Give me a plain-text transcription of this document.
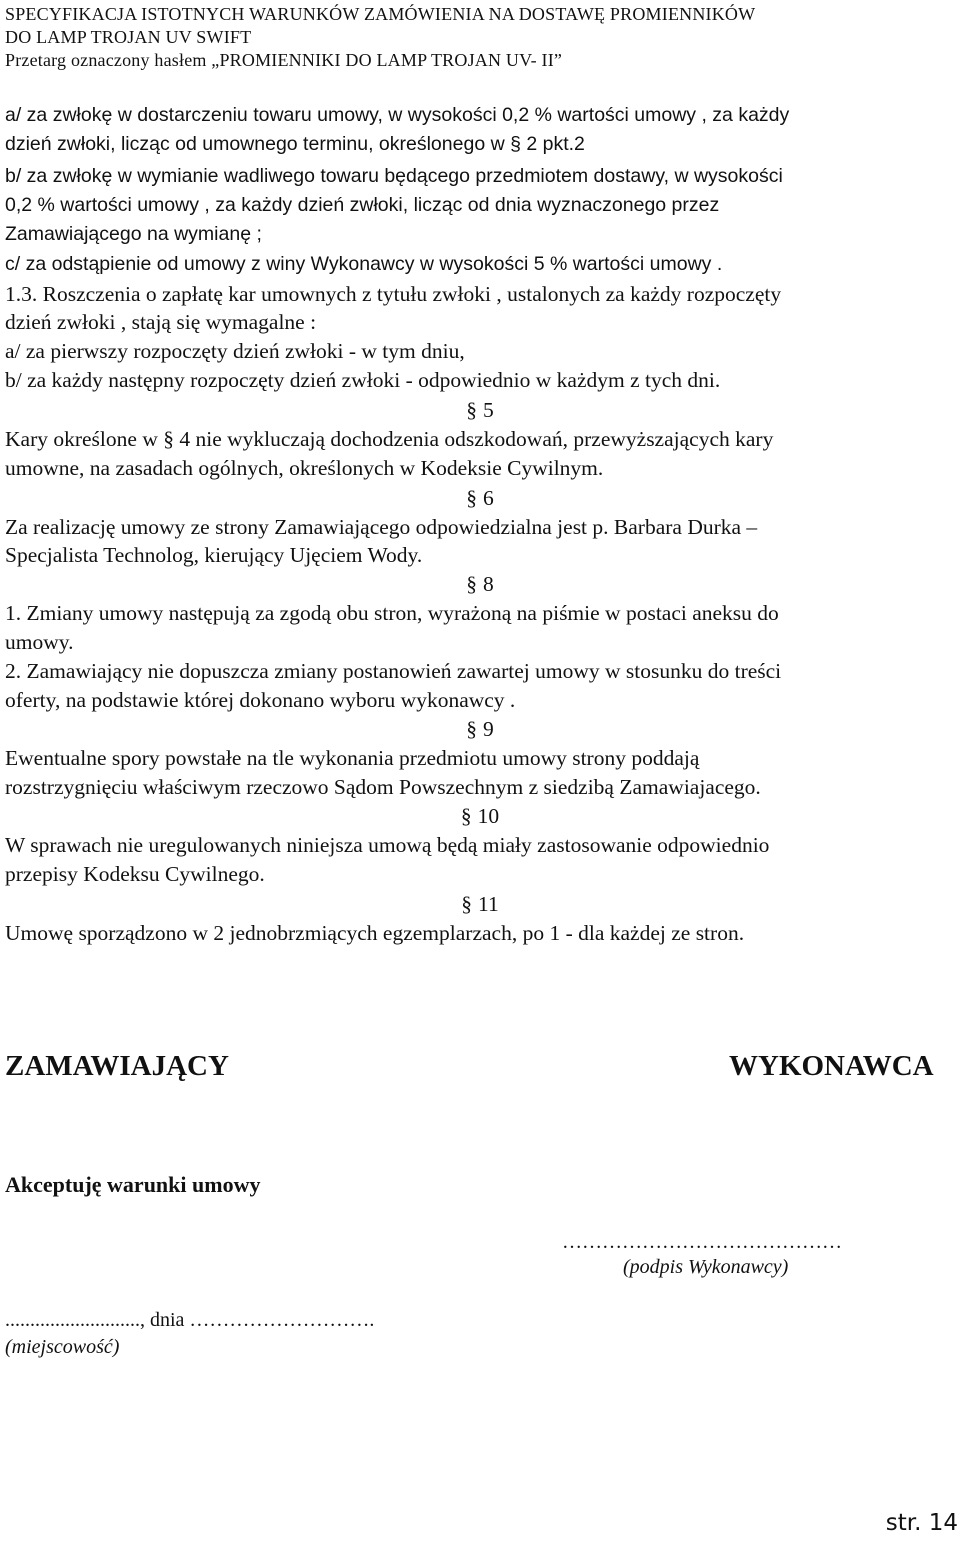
SPECYFIKACJA ISTOTNYCH WARUNKÓW ZAMÓWIENIA NA DOSTAWĘ PROMIENNIKÓW
DO LAMP TROJAN UV SWIFT
Przetarg oznaczony hasłem „PROMIENNIKI DO LAMP TROJAN UV- II”
a/ za zwłokę w dostarczeniu towaru umowy, w wysokości 0,2 % wartości umowy , za każdy
dzień zwłoki, licząc od umownego terminu, określonego w § 2 pkt.2
b/ za zwłokę w wymianie wadliwego towaru będącego przedmiotem dostawy, w wysokości
0,2 % wartości umowy , za każdy dzień zwłoki, licząc od dnia wyznaczonego przez
Zamawiającego na wymianę ;
c/ za odstąpienie od umowy z winy Wykonawcy w wysokości 5 % wartości umowy .
1.3. Roszczenia o zapłatę kar umownych z tytułu zwłoki , ustalonych za każdy rozpoczęty
dzień zwłoki , stają się wymagalne :
a/ za pierwszy rozpoczęty dzień zwłoki - w tym dniu,
b/ za każdy następny rozpoczęty dzień zwłoki - odpowiednio w każdym z tych dni.
§ 5
Kary określone w § 4 nie wykluczają dochodzenia odszkodowań, przewyższających kary
umowne, na zasadach ogólnych, określonych w Kodeksie Cywilnym.
§ 6
Za realizację umowy ze strony Zamawiającego odpowiedzialna jest p. Barbara Durka –
Specjalista Technolog, kierujący Ujęciem Wody.
§ 8
1. Zmiany umowy następują za zgodą obu stron, wyrażoną na piśmie w postaci aneksu do
umowy.
2. Zamawiający nie dopuszcza zmiany postanowień zawartej umowy w stosunku do treści
oferty, na podstawie której dokonano wyboru wykonawcy .
§ 9
Ewentualne spory powstałe na tle wykonania przedmiotu umowy strony poddają
rozstrzygnięciu właściwym rzeczowo Sądom Powszechnym z siedzibą Zamawiajacego.
§ 10
W sprawach nie uregulowanych niniejsza umową będą miały zastosowanie odpowiednio
przepisy Kodeksu Cywilnego.
§ 11
Umowę sporządzono w 2 jednobrzmiących egzemplarzach, po 1 - dla każdej ze stron.
ZAMAWIAJĄCY	WYKONAWCA
Akceptuję warunki umowy
……………………………………
(podpis Wykonawcy)
..........................., dnia ……………………….
(miejscowość)
str. 14
